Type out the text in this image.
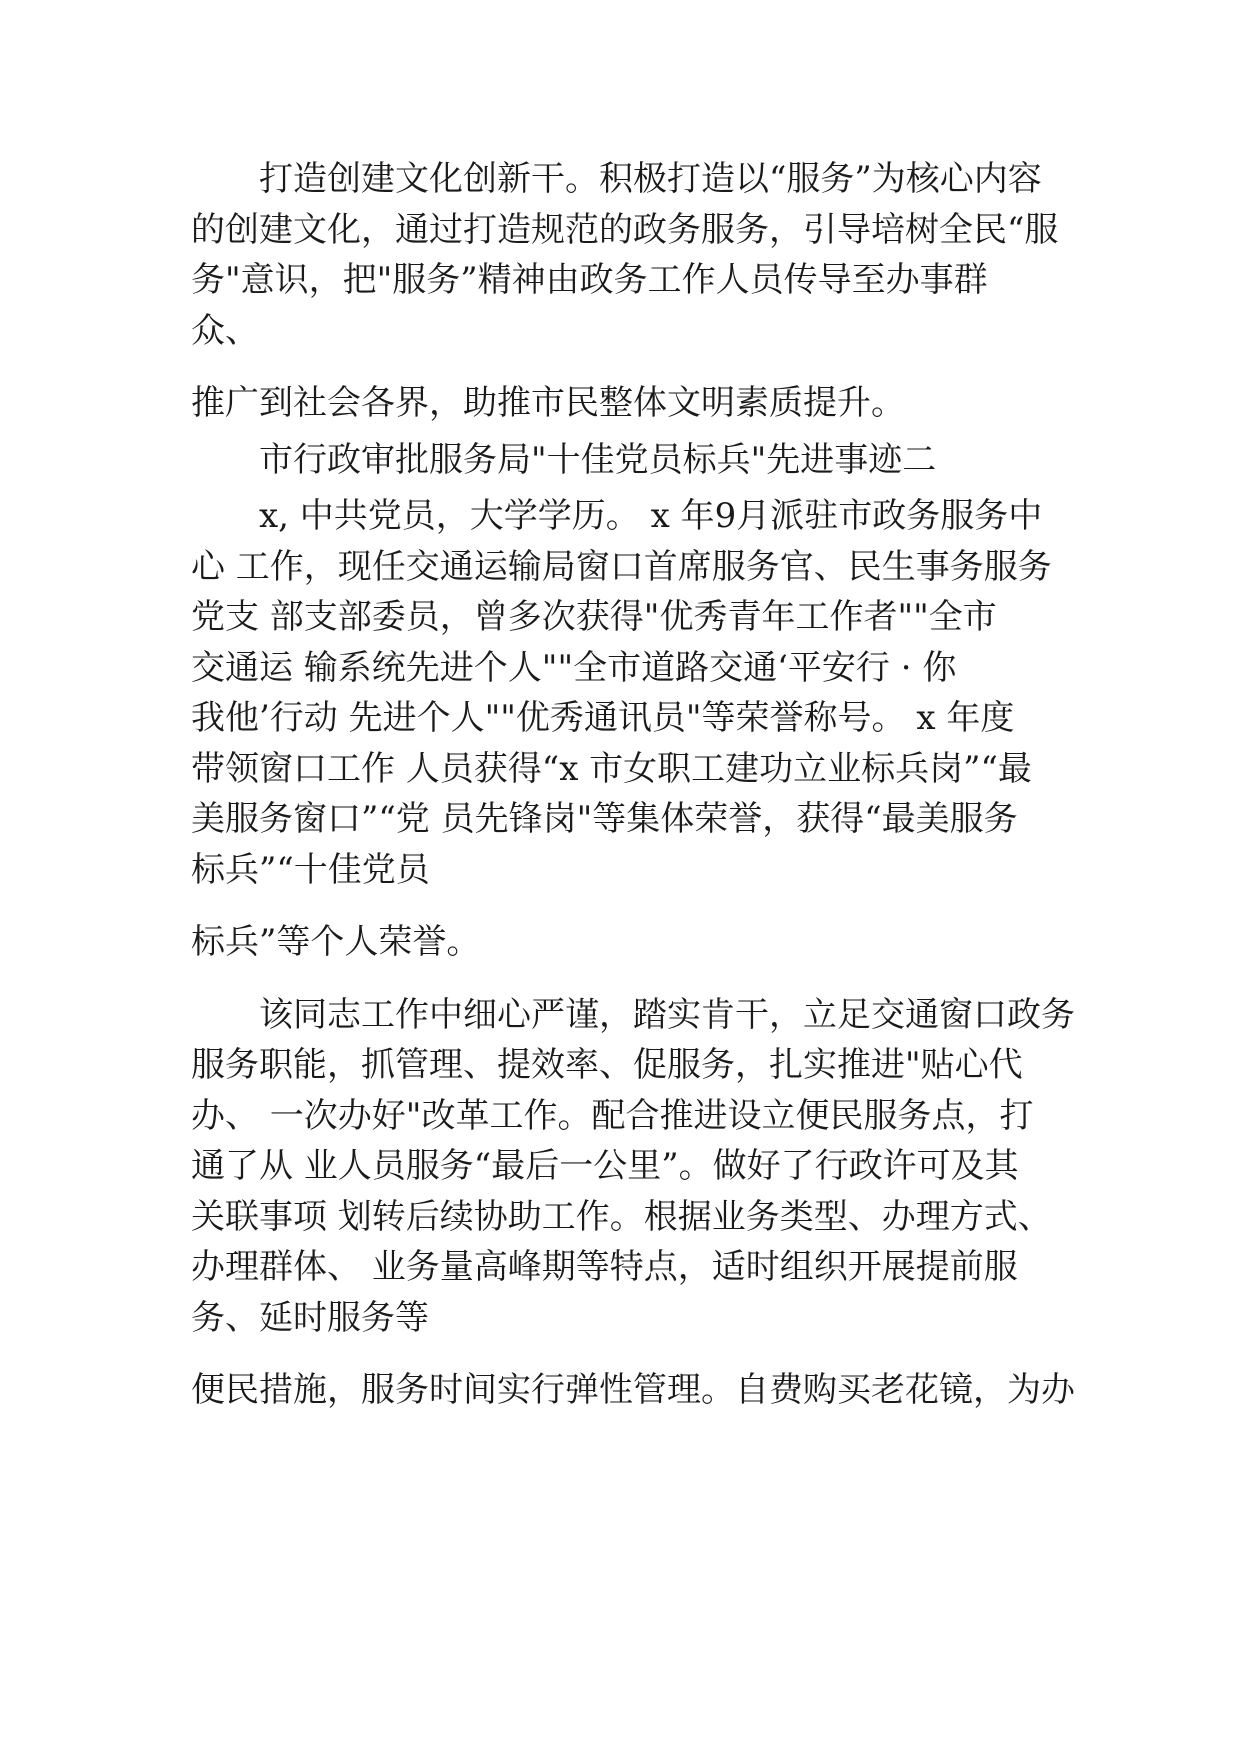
打造创建文化创新干。积极打造以“服务”为核心内容
的创建文化，通过打造规范的政务服务，引导培树全民“服
务"意识，把"服务”精神由政务工作人员传导至办事群
众、
推广到社会各界，助推市民整体文明素质提升。
市行政审批服务局"十佳党员标兵"先进事迹二
x, 中共党员，大学学历。 x 年9月派驻市政务服务中
心 工作，现任交通运输局窗口首席服务官、民生事务服务
党支 部支部委员，曾多次获得"优秀青年工作者""全市
交通运 输系统先进个人""全市道路交通‘平安行 · 你
我他’行动 先进个人""优秀通讯员"等荣誉称号。 x 年度
带领窗口工作 人员获得“x 市女职工建功立业标兵岗”“最
美服务窗口”“党 员先锋岗"等集体荣誉，获得“最美服务
标兵”“十佳党员
标兵”等个人荣誉。
该同志工作中细心严谨，踏实肯干，立足交通窗口政务
服务职能，抓管理、提效率、促服务，扎实推进"贴心代
办、 一次办好"改革工作。配合推进设立便民服务点，打
通了从 业人员服务“最后一公里”。做好了行政许可及其
关联事项 划转后续协助工作。根据业务类型、办理方式、
办理群体、 业务量高峰期等特点，适时组织开展提前服
务、延时服务等
便民措施，服务时间实行弹性管理。自费购买老花镜，为办
